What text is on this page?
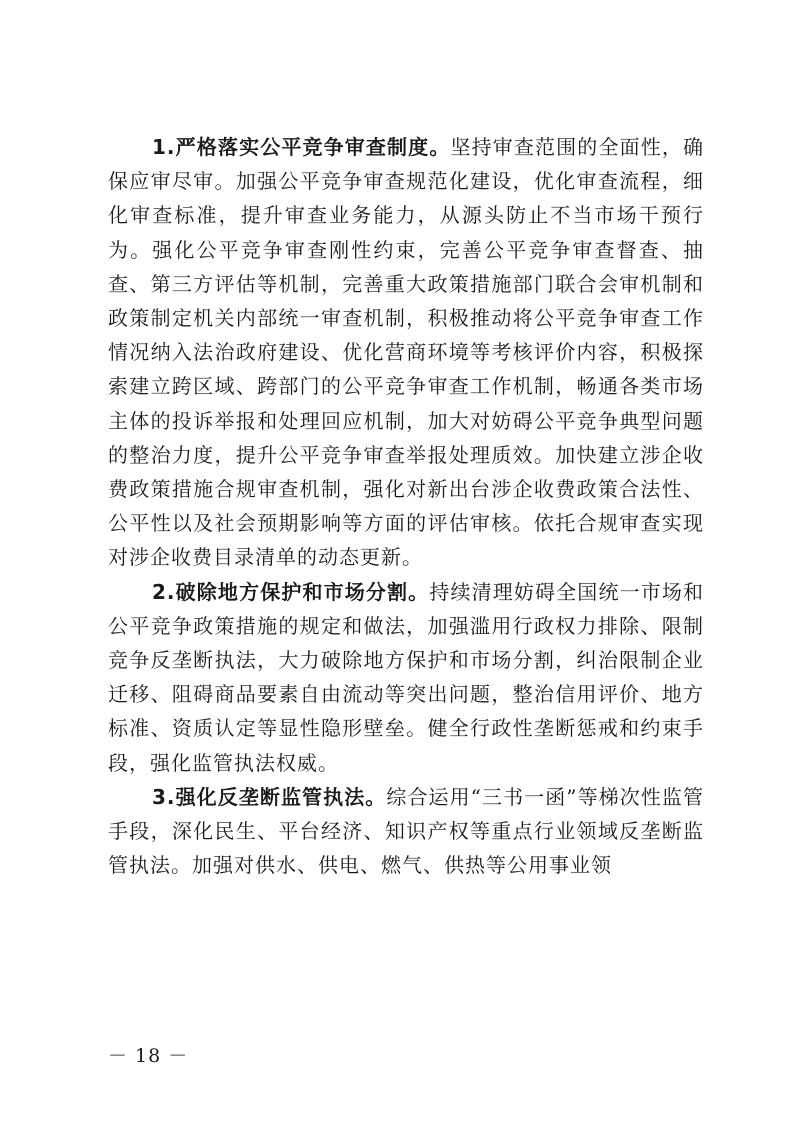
1.严格落实公平竞争审查制度。坚持审查范围的全面性，确保应审尽审。加强公平竞争审查规范化建设，优化审查流程，细化审查标准，提升审查业务能力，从源头防止不当市场干预行为。强化公平竞争审查刚性约束，完善公平竞争审查督查、抽查、第三方评估等机制，完善重大政策措施部门联合会审机制和政策制定机关内部统一审查机制，积极推动将公平竞争审查工作情况纳入法治政府建设、优化营商环境等考核评价内容，积极探索建立跨区域、跨部门的公平竞争审查工作机制，畅通各类市场主体的投诉举报和处理回应机制，加大对妨碍公平竞争典型问题的整治力度，提升公平竞争审查举报处理质效。加快建立涉企收费政策措施合规审查机制，强化对新出台涉企收费政策合法性、公平性以及社会预期影响等方面的评估审核。依托合规审查实现对涉企收费目录清单的动态更新。

2.破除地方保护和市场分割。持续清理妨碍全国统一市场和公平竞争政策措施的规定和做法，加强滥用行政权力排除、限制竞争反垄断执法，大力破除地方保护和市场分割，纠治限制企业迁移、阻碍商品要素自由流动等突出问题，整治信用评价、地方标准、资质认定等显性隐形壁垒。健全行政性垄断惩戒和约束手段，强化监管执法权威。

3.强化反垄断监管执法。综合运用“三书一函”等梯次性监管手段，深化民生、平台经济、知识产权等重点行业领域反垄断监管执法。加强对供水、供电、燃气、供热等公用事业领

－ 18 －
